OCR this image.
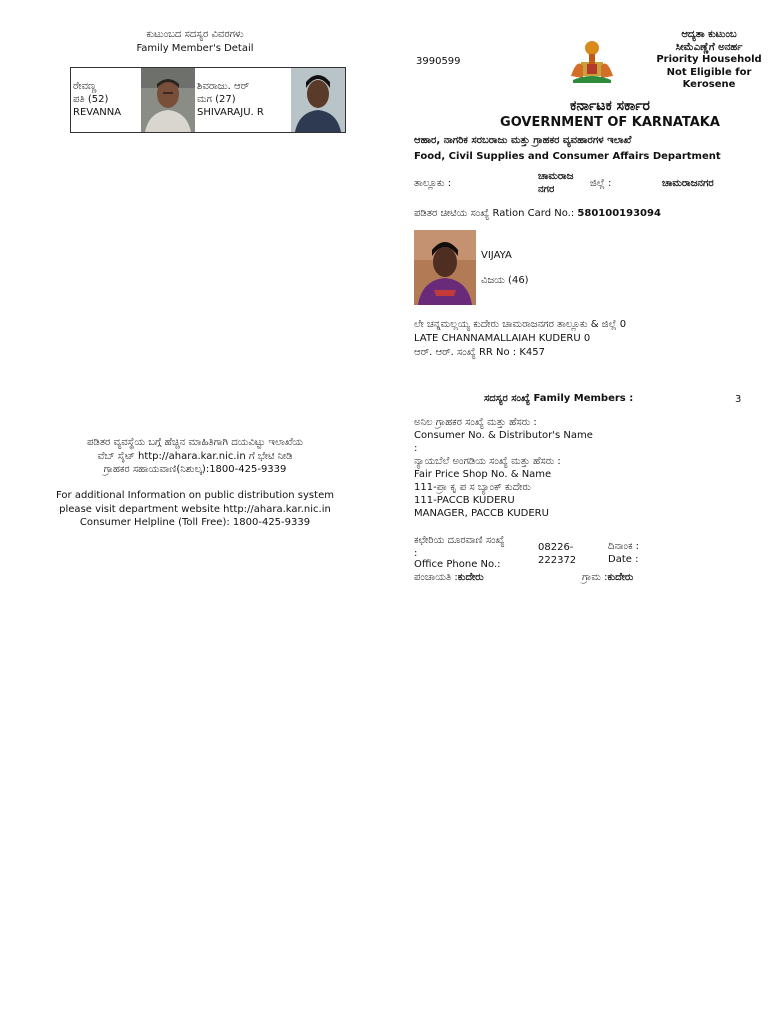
ಕುಟುಂಬದ ಸದಸ್ಯರ ವಿವರಗಳು
Family Member's Detail
ರೇವಣ್ಣ
ಪತಿ (52)
REVANNA
ಶಿವರಾಜು. ಆರ್
ಮಗ (27)
SHIVARAJU. R
ಪಡಿತರ ವ್ಯವಸ್ಥೆಯ ಬಗ್ಗೆ ಹೆಚ್ಚಿನ ಮಾಹಿತಿಗಾಗಿ ದಯವಿಟ್ಟು ಇಲಾಖೆಯ
ವೆಬ್ ಸೈಟ್ http://ahara.kar.nic.in ಗೆ ಭೇಟಿ ನೀಡಿ
ಗ್ರಾಹಕರ ಸಹಾಯವಾಣಿ(ನಿಶುಲ್ಕ):1800-425-9339
For additional Information on public distribution system
please visit department website http://ahara.kar.nic.in
Consumer Helpline (Toll Free): 1800-425-9339
3990599
ಆದ್ಯತಾ ಕುಟುಂಬ
ಸೀಮೆಎಣ್ಣೆಗೆ ಅನರ್ಹ
Priority Household
Not Eligible for
Kerosene
ಕರ್ನಾಟಕ ಸರ್ಕಾರ
GOVERNMENT OF KARNATAKA
ಆಹಾರ, ನಾಗರಿಕ ಸರಬರಾಜು ಮತ್ತು ಗ್ರಾಹಕರ ವ್ಯವಹಾರಗಳ ಇಲಾಖೆ
Food, Civil Supplies and Consumer Affairs Department
ತಾಲ್ಲೂಕು :
ಚಾಮರಾಜ
ನಗರ
ಜಿಲ್ಲೆ :	ಚಾಮರಾಜನಗರ
ಪಡಿತರ ಚೀಟಿಯ ಸಂಖ್ಯೆ Ration Card No.: 580100193094
VIJAYA
ವಿಜಯ (46)
ಲೇ ಚನ್ನಮಲ್ಲಯ್ಯ ಕುದೇರು ಚಾಮರಾಜನಗರ ತಾಲ್ಲೂಕು & ಜಿಲ್ಲೆ 0
LATE CHANNAMALLAIAH KUDERU 0
ಆರ್. ಆರ್. ಸಂಖ್ಯೆ RR No : K457
ಸದಸ್ಯರ ಸಂಖ್ಯೆ Family Members :	3
ಅನಿಲ ಗ್ರಾಹಕರ ಸಂಖ್ಯೆ ಮತ್ತು ಹೆಸರು :
Consumer No. & Distributor's Name
:
ನ್ಯಾಯಬೆಲೆ ಅಂಗಡಿಯ ಸಂಖ್ಯೆ ಮತ್ತು ಹೆಸರು :
Fair Price Shop No. & Name
111-ಪ್ರಾ ಕೃ ಪ ಸ ಬ್ಯಾಂಕ್ ಕುದೇರು
111-PACCB KUDERU
MANAGER, PACCB KUDERU
ಕಛೇರಿಯ ದೂರವಾಣಿ ಸಂಖ್ಯೆ
:
Office Phone No.:
08226-
222372
ದಿನಾಂಕ :
Date :
ಪಂಚಾಯತಿ :ಕುದೇರು	ಗ್ರಾಮ :ಕುದೇರು
